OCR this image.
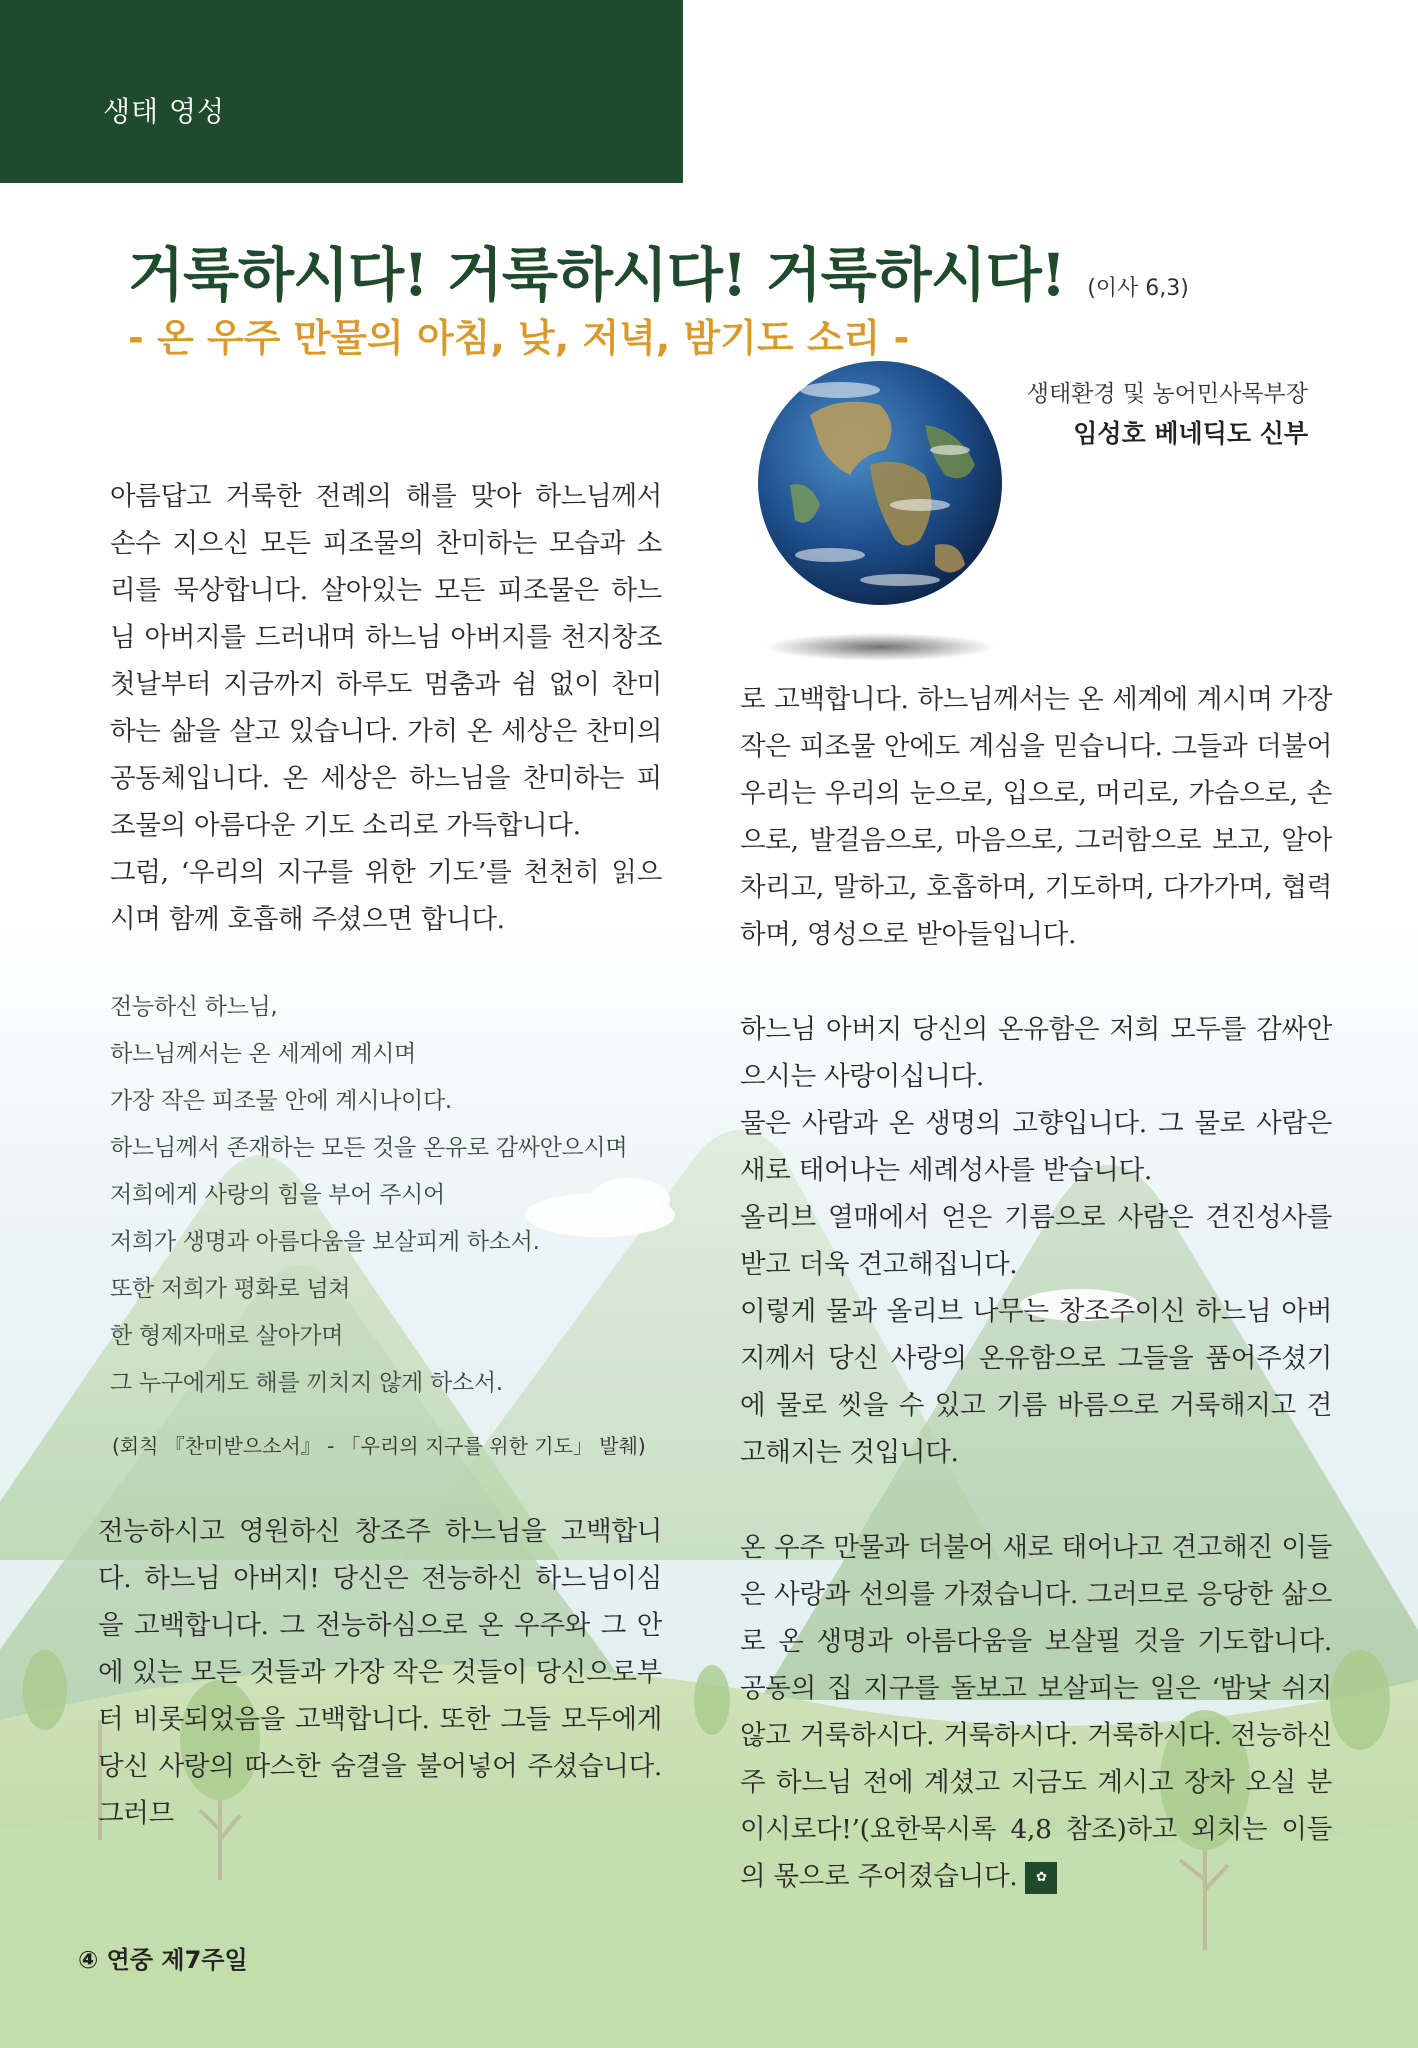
생태 영성
거룩하시다! 거룩하시다! 거룩하시다! (이사 6,3)
- 온 우주 만물의 아침, 낮, 저녁, 밤기도 소리 -
생태환경 및 농어민사목부장
임성호 베네딕도 신부

아름답고 거룩한 전례의 해를 맞아 하느님께서 손수 지으신 모든 피조물의 찬미하는 모습과 소리를 묵상합니다. 살아있는 모든 피조물은 하느님 아버지를 드러내며 하느님 아버지를 천지창조 첫날부터 지금까지 하루도 멈춤과 쉼 없이 찬미하는 삶을 살고 있습니다. 가히 온 세상은 찬미의 공동체입니다. 온 세상은 하느님을 찬미하는 피조물의 아름다운 기도 소리로 가득합니다.

그럼, ‘우리의 지구를 위한 기도’를 천천히 읽으시며 함께 호흡해 주셨으면 합니다.

전능하신 하느님,

하느님께서는 온 세계에 계시며

가장 작은 피조물 안에 계시나이다.

하느님께서 존재하는 모든 것을 온유로 감싸안으시며

저희에게 사랑의 힘을 부어 주시어

저희가 생명과 아름다움을 보살피게 하소서.

또한 저희가 평화로 넘쳐

한 형제자매로 살아가며

그 누구에게도 해를 끼치지 않게 하소서.

(회칙 『찬미받으소서』 - 「우리의 지구를 위한 기도」 발췌)

전능하시고 영원하신 창조주 하느님을 고백합니다. 하느님 아버지! 당신은 전능하신 하느님이심을 고백합니다. 그 전능하심으로 온 우주와 그 안에 있는 모든 것들과 가장 작은 것들이 당신으로부터 비롯되었음을 고백합니다. 또한 그들 모두에게 당신 사랑의 따스한 숨결을 불어넣어 주셨습니다. 그러므

로 고백합니다. 하느님께서는 온 세계에 계시며 가장 작은 피조물 안에도 계심을 믿습니다. 그들과 더불어 우리는 우리의 눈으로, 입으로, 머리로, 가슴으로, 손으로, 발걸음으로, 마음으로, 그러함으로 보고, 알아차리고, 말하고, 호흡하며, 기도하며, 다가가며, 협력하며, 영성으로 받아들입니다.

하느님 아버지 당신의 온유함은 저희 모두를 감싸안으시는 사랑이십니다.

물은 사람과 온 생명의 고향입니다. 그 물로 사람은 새로 태어나는 세례성사를 받습니다.

올리브 열매에서 얻은 기름으로 사람은 견진성사를 받고 더욱 견고해집니다.

이렇게 물과 올리브 나무는 창조주이신 하느님 아버지께서 당신 사랑의 온유함으로 그들을 품어주셨기에 물로 씻을 수 있고 기름 바름으로 거룩해지고 견고해지는 것입니다.

온 우주 만물과 더불어 새로 태어나고 견고해진 이들은 사랑과 선의를 가졌습니다. 그러므로 응당한 삶으로 온 생명과 아름다움을 보살필 것을 기도합니다. 공동의 집 지구를 돌보고 보살피는 일은 ‘밤낮 쉬지 않고 거룩하시다. 거룩하시다. 거룩하시다. 전능하신 주 하느님 전에 계셨고 지금도 계시고 장차 오실 분이시로다!’(요한묵시록 4,8 참조)하고 외치는 이들의 몫으로 주어졌습니다. ✿

④ 연중 제7주일
